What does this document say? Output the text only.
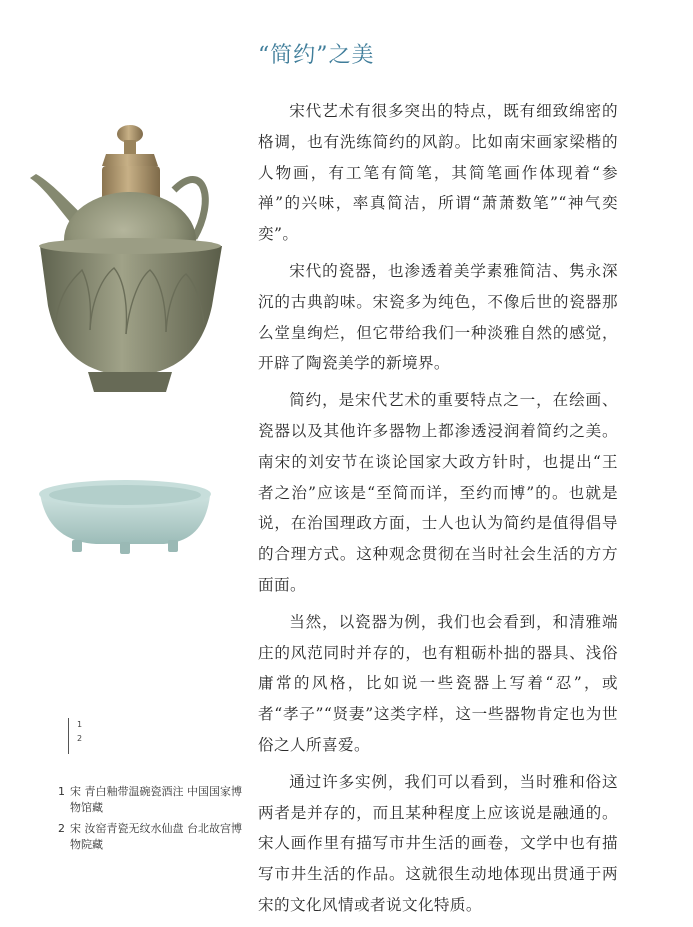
“简约”之美

宋代艺术有很多突出的特点，既有细致绵密的格调，也有洗练简约的风韵。比如南宋画家梁楷的人物画，有工笔有简笔，其简笔画作体现着“参禅”的兴味，率真简洁，所谓“萧萧数笔”“神气奕奕”。

宋代的瓷器，也渗透着美学素雅简洁、隽永深沉的古典韵味。宋瓷多为纯色，不像后世的瓷器那么堂皇绚烂，但它带给我们一种淡雅自然的感觉，开辟了陶瓷美学的新境界。

简约，是宋代艺术的重要特点之一，在绘画、瓷器以及其他许多器物上都渗透浸润着简约之美。南宋的刘安节在谈论国家大政方针时，也提出“王者之治”应该是“至简而详，至约而博”的。也就是说，在治国理政方面，士人也认为简约是值得倡导的合理方式。这种观念贯彻在当时社会生活的方方面面。

当然，以瓷器为例，我们也会看到，和清雅端庄的风范同时并存的，也有粗砺朴拙的器具、浅俗庸常的风格，比如说一些瓷器上写着“忍”，或者“孝子”“贤妻”这类字样，这一些器物肯定也为世俗之人所喜爱。

通过许多实例，我们可以看到，当时雅和俗这两者是并存的，而且某种程度上应该说是融通的。宋人画作里有描写市井生活的画卷，文学中也有描写市井生活的作品。这就很生动地体现出贯通于两宋的文化风情或者说文化特质。

1
2
1 宋 青白釉带温碗瓷酒注 中国国家博物馆藏
2 宋 汝窑青瓷无纹水仙盘 台北故宫博物院藏
